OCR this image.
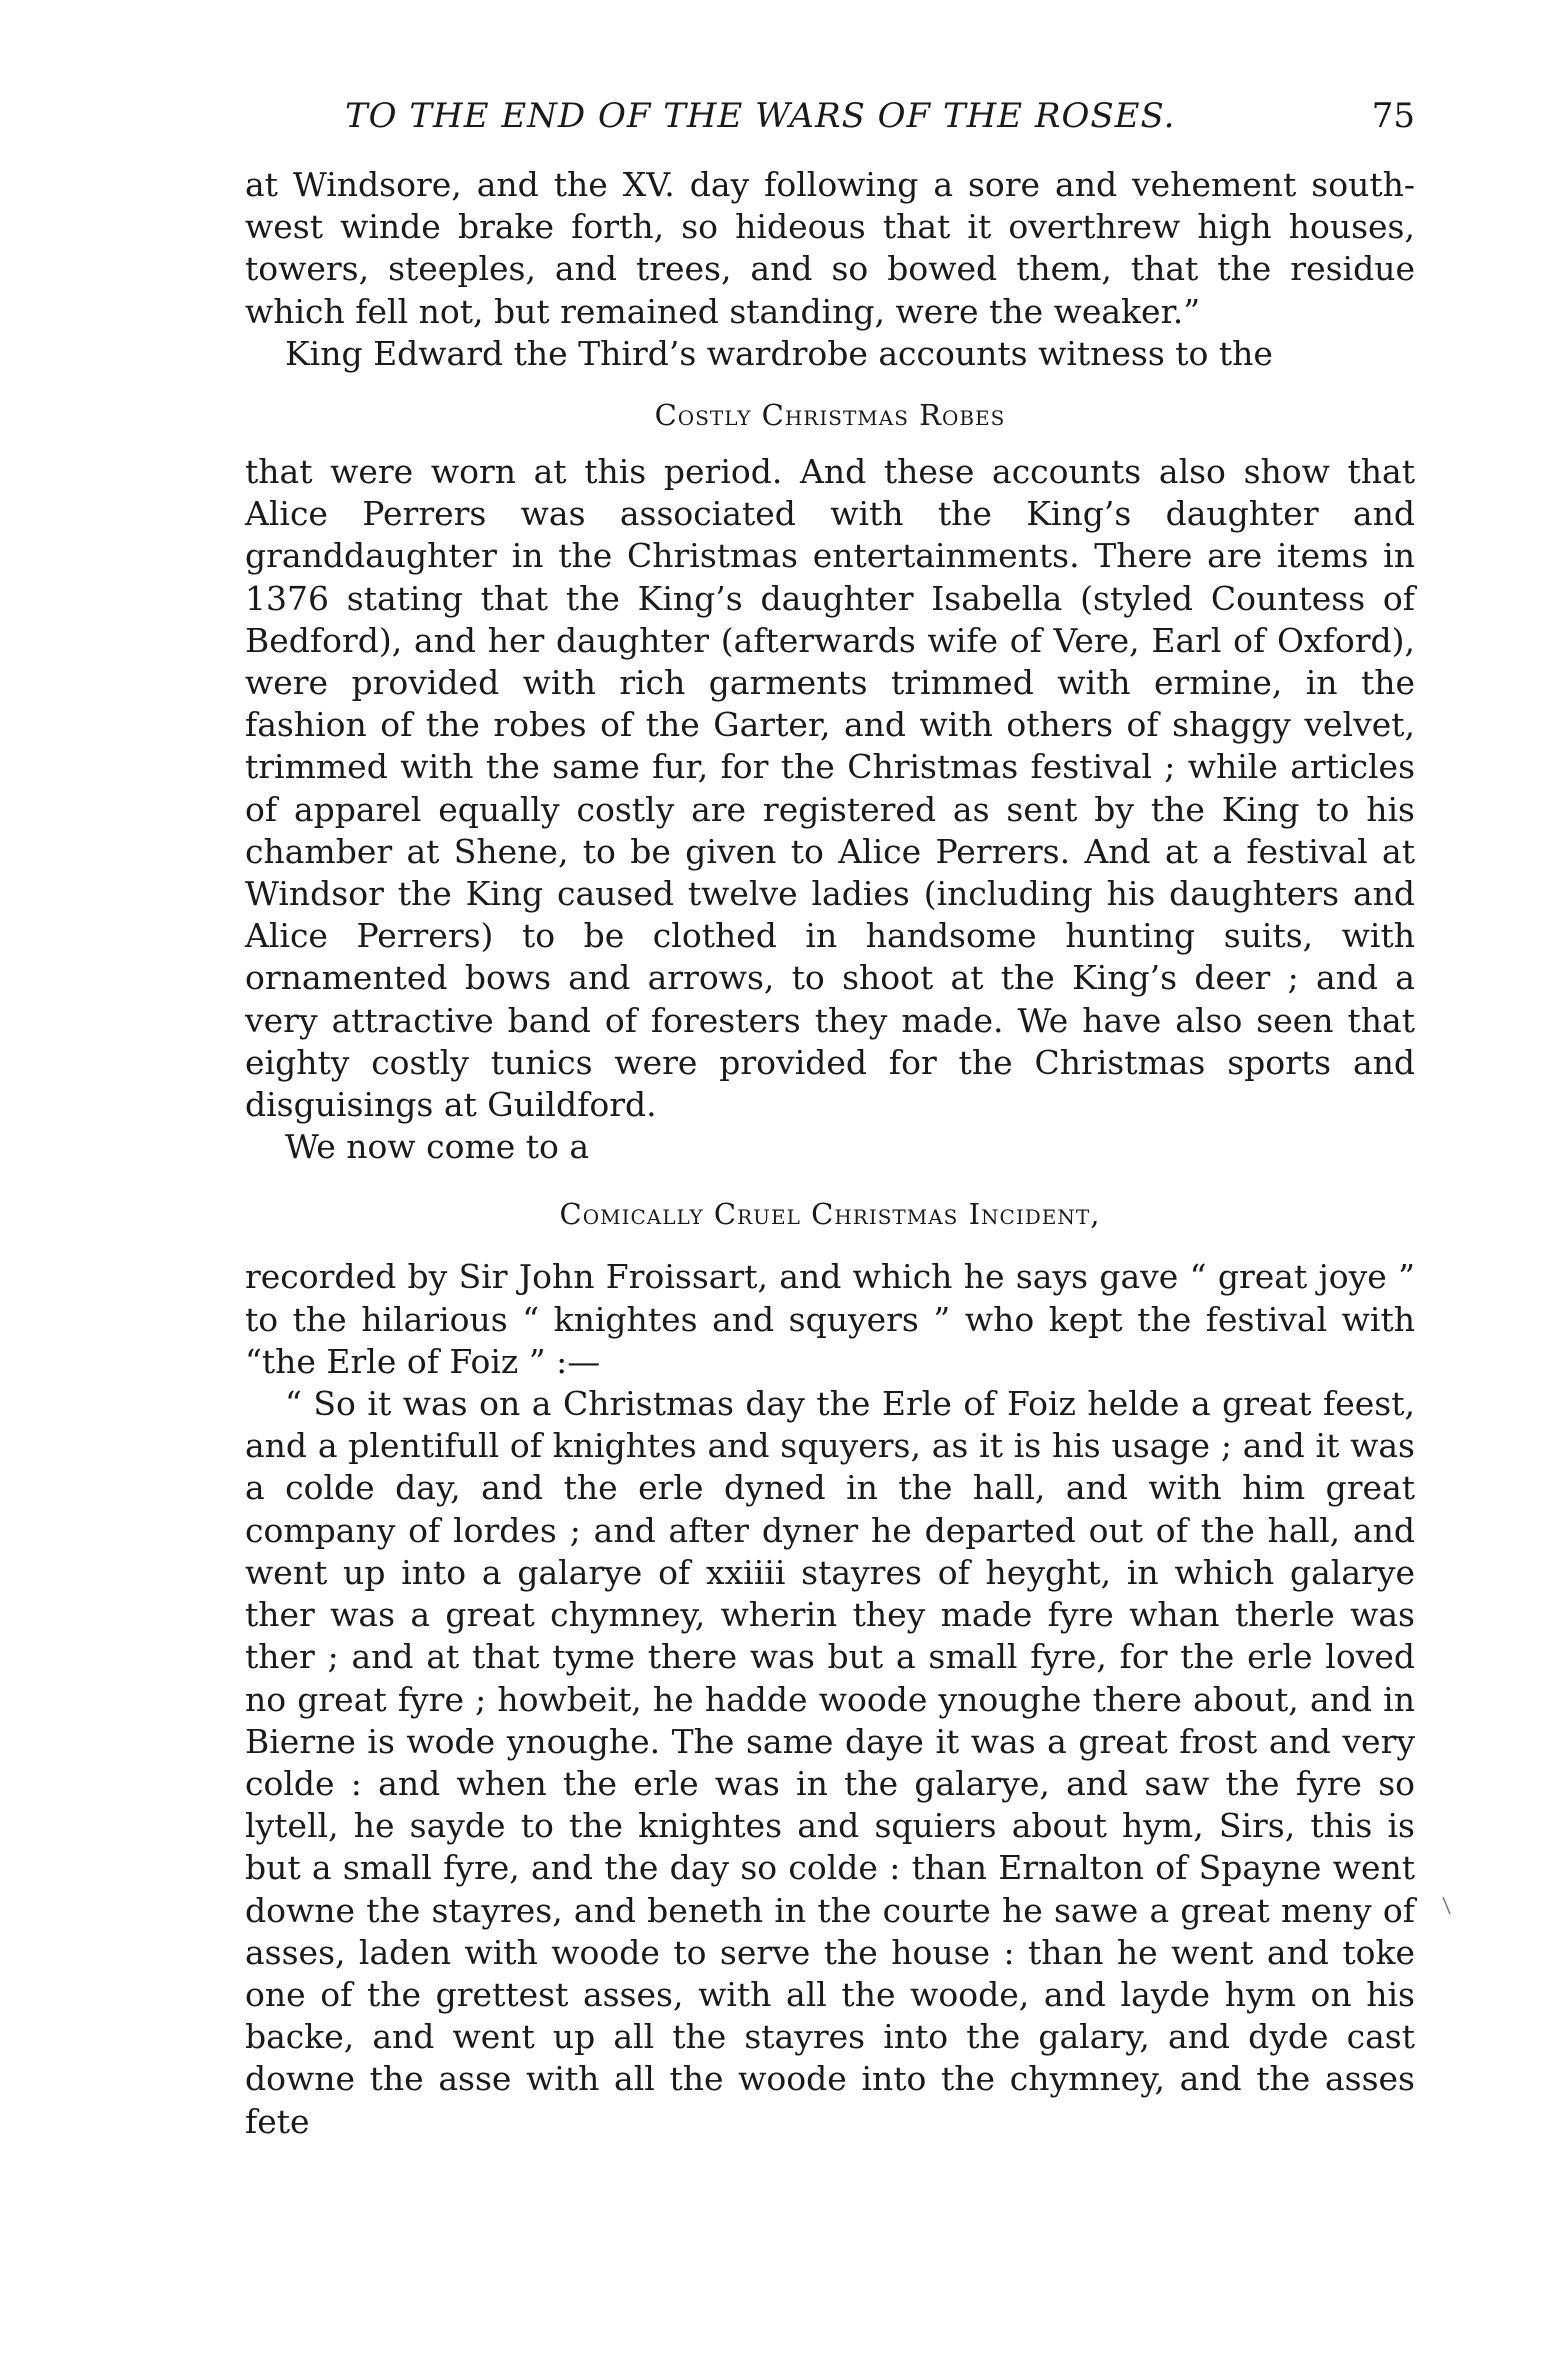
TO THE END OF THE WARS OF THE ROSES.	75

at Windsore, and the XV. day following a sore and vehement south-west winde brake forth, so hideous that it overthrew high houses, towers, steeples, and trees, and so bowed them, that the residue which fell not, but remained standing, were the weaker.”

King Edward the Third’s wardrobe accounts witness to the

Costly Christmas Robes

that were worn at this period. And these accounts also show that Alice Perrers was associated with the King’s daughter and granddaughter in the Christmas entertainments. There are items in 1376 stating that the King’s daughter Isabella (styled Countess of Bedford), and her daughter (afterwards wife of Vere, Earl of Oxford), were provided with rich garments trimmed with ermine, in the fashion of the robes of the Garter, and with others of shaggy velvet, trimmed with the same fur, for the Christmas festival ; while articles of apparel equally costly are registered as sent by the King to his chamber at Shene, to be given to Alice Perrers. And at a festival at Windsor the King caused twelve ladies (including his daughters and Alice Perrers) to be clothed in handsome hunting suits, with ornamented bows and arrows, to shoot at the King’s deer ; and a very attractive band of foresters they made. We have also seen that eighty costly tunics were provided for the Christmas sports and disguisings at Guildford.

We now come to a

Comically Cruel Christmas Incident,

recorded by Sir John Froissart, and which he says gave “ great joye ” to the hilarious “ knightes and squyers ” who kept the festival with “the Erle of Foiz ” :—

“ So it was on a Christmas day the Erle of Foiz helde a great feest, and a plentifull of knightes and squyers, as it is his usage ; and it was a colde day, and the erle dyned in the hall, and with him great company of lordes ; and after dyner he departed out of the hall, and went up into a galarye of xxiiii stayres of heyght, in which galarye ther was a great chymney, wherin they made fyre whan therle was ther ; and at that tyme there was but a small fyre, for the erle loved no great fyre ; howbeit, he hadde woode ynoughe there about, and in Bierne is wode ynoughe. The same daye it was a great frost and very colde : and when the erle was in the galarye, and saw the fyre so lytell, he sayde to the knightes and squiers about hym, Sirs, this is but a small fyre, and the day so colde : than Ernalton of Spayne went downe the stayres, and beneth in the courte he sawe a great meny of asses, laden with woode to serve the house : than he went and toke one of the grettest asses, with all the woode, and layde hym on his backe, and went up all the stayres into the galary, and dyde cast downe the asse with all the woode into the chymney, and the asses fete
